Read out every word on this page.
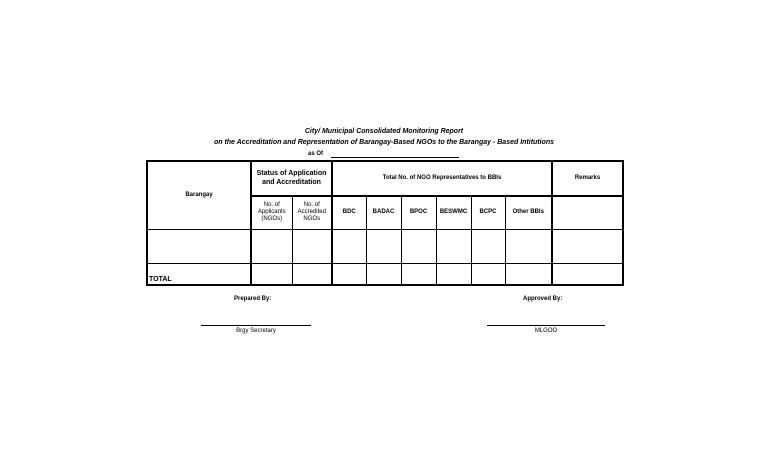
City/ Municipal Consolidated Monitoring Report
on the Accreditation and Representation of Barangay-Based NGOs to the Barangay - Based Intitutions
as Of
Barangay	Status of Application and Accreditation		Total No. of NGO Representatives to BBIs						Remarks
	No. of Applicants (NGOs)	No. of Accredited NGOs	BDC	BADAC	BPOC	BESWMC	BCPC	Other BBIs	

TOTAL									
Prepared By:
Brgy Secretary
Approved By:
MLGOO
